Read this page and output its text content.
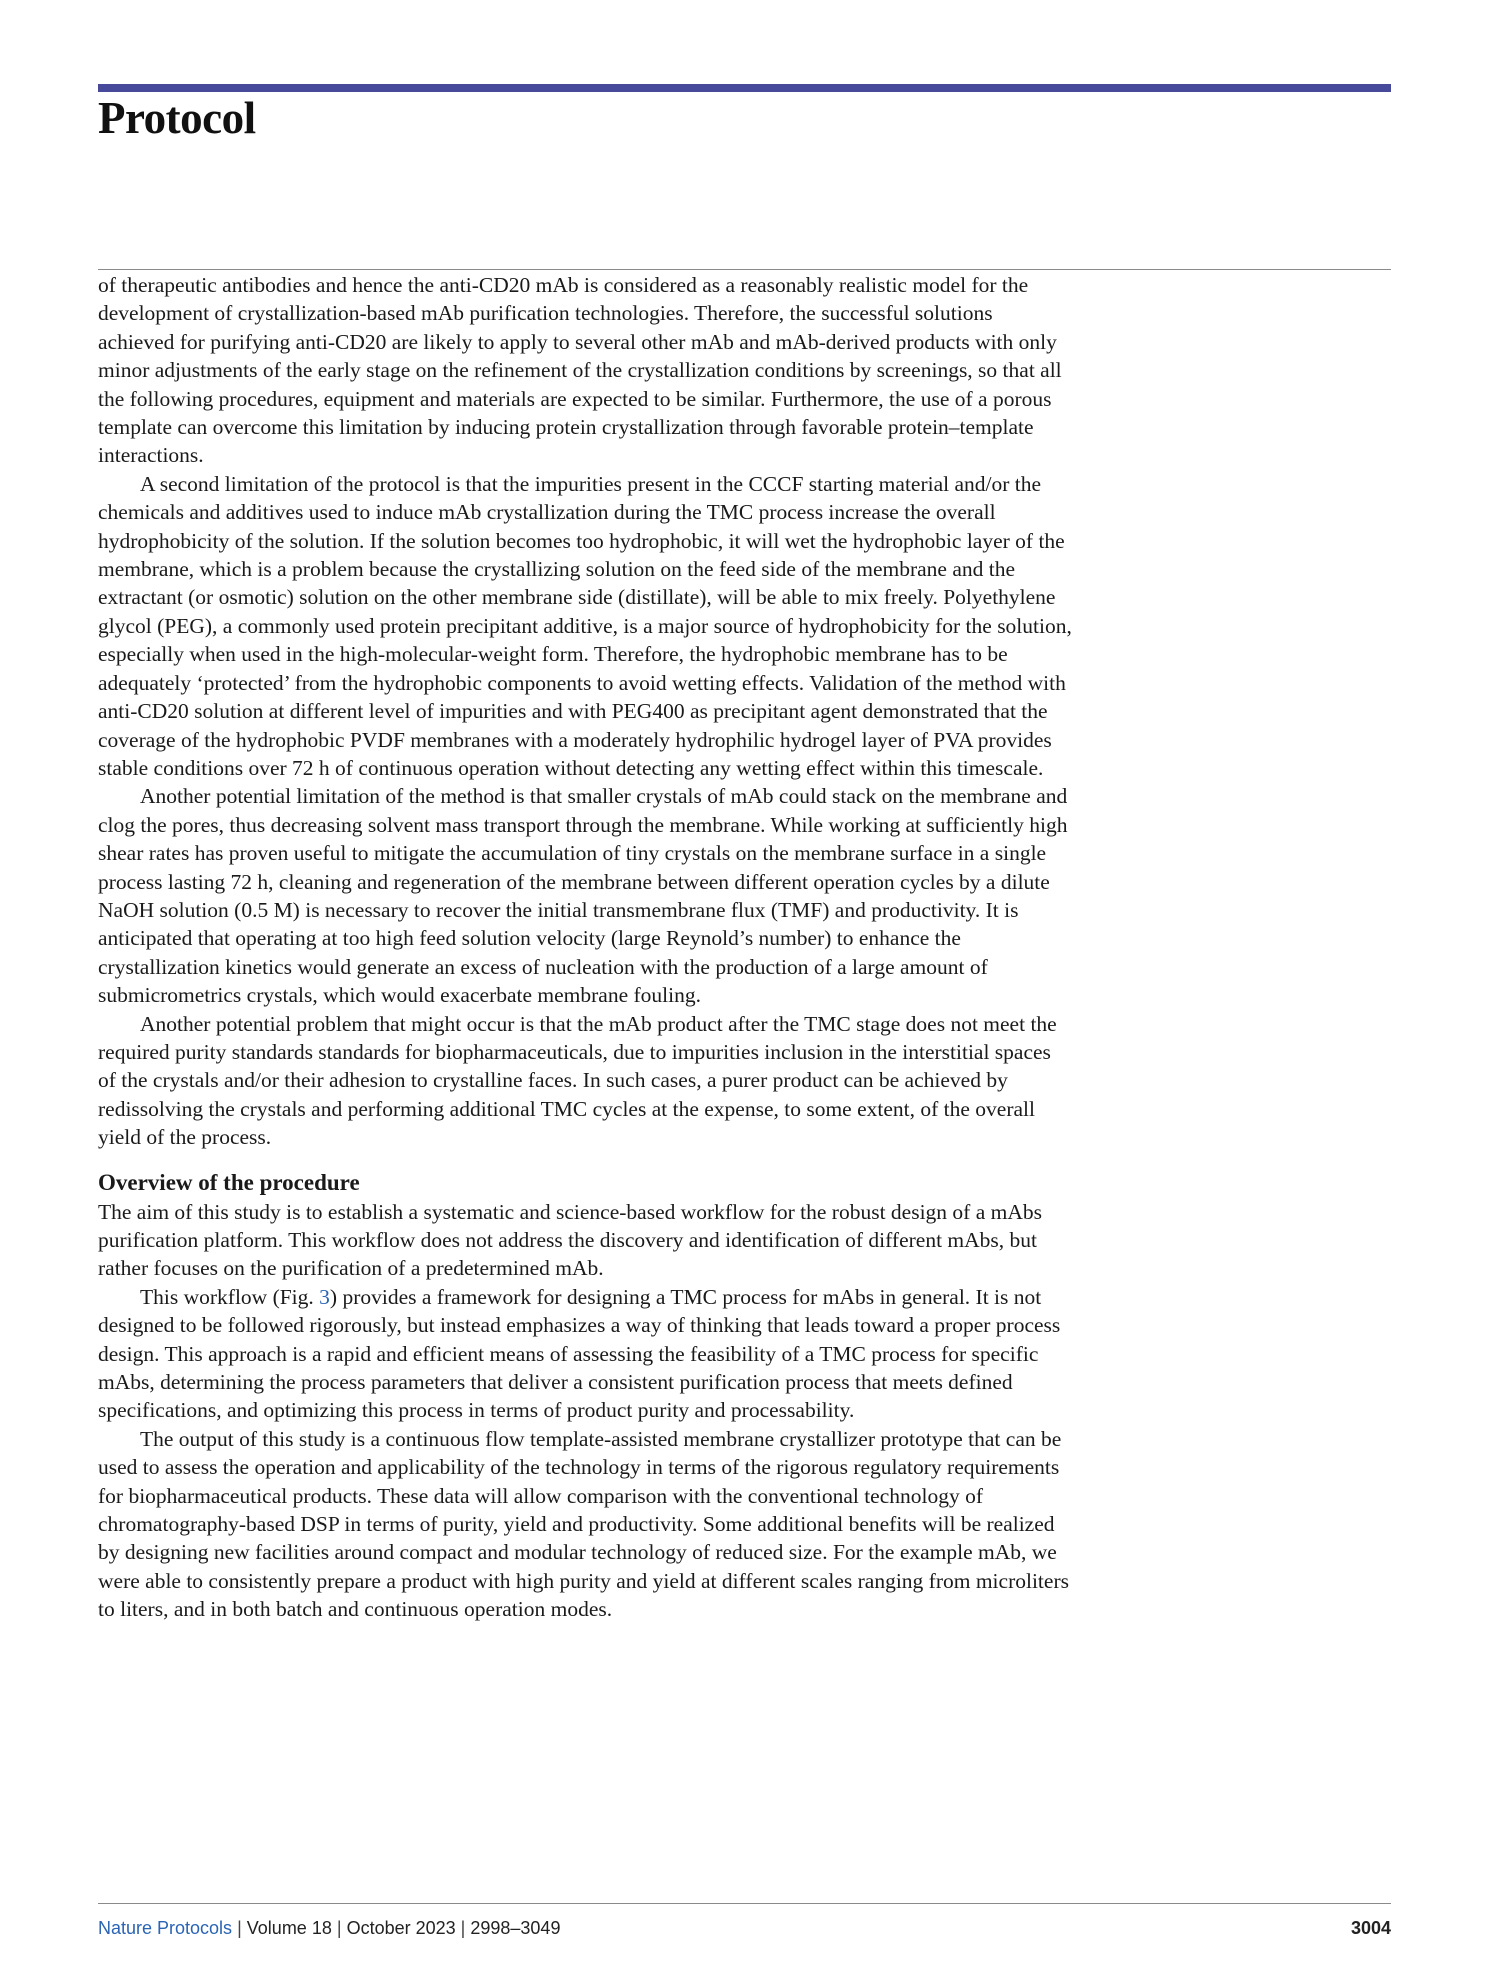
Protocol

of therapeutic antibodies and hence the anti-CD20 mAb is considered as a reasonably realistic model for the development of crystallization-based mAb purification technologies. Therefore, the successful solutions achieved for purifying anti-CD20 are likely to apply to several other mAb and mAb-derived products with only minor adjustments of the early stage on the refinement of the crystallization conditions by screenings, so that all the following procedures, equipment and materials are expected to be similar. Furthermore, the use of a porous template can overcome this limitation by inducing protein crystallization through favorable protein–template interactions.

A second limitation of the protocol is that the impurities present in the CCCF starting material and/or the chemicals and additives used to induce mAb crystallization during the TMC process increase the overall hydrophobicity of the solution. If the solution becomes too hydrophobic, it will wet the hydrophobic layer of the membrane, which is a problem because the crystallizing solution on the feed side of the membrane and the extractant (or osmotic) solution on the other membrane side (distillate), will be able to mix freely. Polyethylene glycol (PEG), a commonly used protein precipitant additive, is a major source of hydrophobicity for the solution, especially when used in the high-molecular-weight form. Therefore, the hydrophobic membrane has to be adequately ‘protected’ from the hydrophobic components to avoid wetting effects. Validation of the method with anti-CD20 solution at different level of impurities and with PEG400 as precipitant agent demonstrated that the coverage of the hydrophobic PVDF membranes with a moderately hydrophilic hydrogel layer of PVA provides stable conditions over 72 h of continuous operation without detecting any wetting effect within this timescale.

Another potential limitation of the method is that smaller crystals of mAb could stack on the membrane and clog the pores, thus decreasing solvent mass transport through the membrane. While working at sufficiently high shear rates has proven useful to mitigate the accumulation of tiny crystals on the membrane surface in a single process lasting 72 h, cleaning and regeneration of the membrane between different operation cycles by a dilute NaOH solution (0.5 M) is necessary to recover the initial transmembrane flux (TMF) and productivity. It is anticipated that operating at too high feed solution velocity (large Reynold’s number) to enhance the crystallization kinetics would generate an excess of nucleation with the production of a large amount of submicrometrics crystals, which would exacerbate membrane fouling.

Another potential problem that might occur is that the mAb product after the TMC stage does not meet the required purity standards standards for biopharmaceuticals, due to impurities inclusion in the interstitial spaces of the crystals and/or their adhesion to crystalline faces. In such cases, a purer product can be achieved by redissolving the crystals and performing additional TMC cycles at the expense, to some extent, of the overall yield of the process.

Overview of the procedure

The aim of this study is to establish a systematic and science-based workflow for the robust design of a mAbs purification platform. This workflow does not address the discovery and identification of different mAbs, but rather focuses on the purification of a predetermined mAb.

This workflow (Fig. 3) provides a framework for designing a TMC process for mAbs in general. It is not designed to be followed rigorously, but instead emphasizes a way of thinking that leads toward a proper process design. This approach is a rapid and efficient means of assessing the feasibility of a TMC process for specific mAbs, determining the process parameters that deliver a consistent purification process that meets defined specifications, and optimizing this process in terms of product purity and processability.

The output of this study is a continuous flow template-assisted membrane crystallizer prototype that can be used to assess the operation and applicability of the technology in terms of the rigorous regulatory requirements for biopharmaceutical products. These data will allow comparison with the conventional technology of chromatography-based DSP in terms of purity, yield and productivity. Some additional benefits will be realized by designing new facilities around compact and modular technology of reduced size. For the example mAb, we were able to consistently prepare a product with high purity and yield at different scales ranging from microliters to liters, and in both batch and continuous operation modes.

Nature Protocols | Volume 18 | October 2023 | 2998–3049	3004
